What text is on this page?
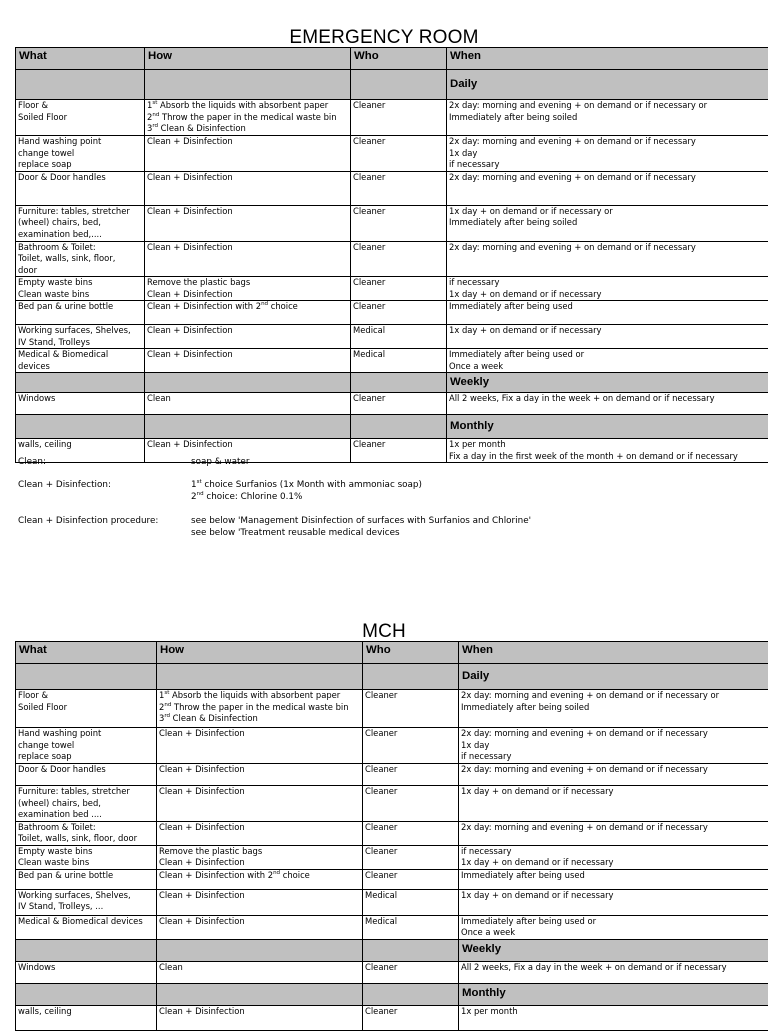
EMERGENCY ROOM
What	How	Who	When
			Daily

Floor &
Soiled Floor	1st Absorb the liquids with absorbent paper
2nd Throw the paper in the medical waste bin
3rd Clean & Disinfection	Cleaner	2x day: morning and evening + on demand or if necessary or
Immediately after being soiled

Hand washing point
change towel
replace soap	Clean + Disinfection	Cleaner	2x day: morning and evening + on demand or if necessary
1x day
if necessary

Door & Door handles	Clean + Disinfection	Cleaner	2x day: morning and evening + on demand or if necessary

Furniture: tables, stretcher
(wheel) chairs, bed,
examination bed,....	Clean + Disinfection	Cleaner	1x day + on demand or if necessary or
Immediately after being soiled

Bathroom & Toilet:
Toilet, walls, sink, floor,
door	Clean + Disinfection	Cleaner	2x day: morning and evening + on demand or if necessary

Empty waste bins
Clean waste bins	Remove the plastic bags
Clean + Disinfection	Cleaner	if necessary
1x day + on demand or if necessary

Bed pan & urine bottle	Clean + Disinfection with 2nd choice	Cleaner	Immediately after being used

Working surfaces, Shelves,
IV Stand, Trolleys	Clean + Disinfection	Medical	1x day + on demand or if necessary

Medical & Biomedical
devices	Clean + Disinfection	Medical	Immediately after being used or
Once a week

			Weekly

Windows	Clean	Cleaner	All 2 weeks, Fix a day in the week + on demand or if necessary

			Monthly

walls, ceiling	Clean + Disinfection	Cleaner	1x per month
Fix a day in the first week of the month + on demand or if necessary
Clean:	soap & water
Clean + Disinfection:	1st choice Surfanios (1x Month with ammoniac soap)
2nd choice: Chlorine 0.1%
Clean + Disinfection procedure:	see below 'Management Disinfection of surfaces with Surfanios and Chlorine'
see below 'Treatment reusable medical devices
MCH
What	How	Who	When
			Daily

Floor &
Soiled Floor	1st Absorb the liquids with absorbent paper
2nd Throw the paper in the medical waste bin
3rd Clean & Disinfection	Cleaner	2x day: morning and evening + on demand or if necessary or
Immediately after being soiled

Hand washing point
change towel
replace soap	Clean + Disinfection	Cleaner	2x day: morning and evening + on demand or if necessary
1x day
if necessary

Door & Door handles	Clean + Disinfection	Cleaner	2x day: morning and evening + on demand or if necessary

Furniture: tables, stretcher
(wheel) chairs, bed,
examination bed ....	Clean + Disinfection	Cleaner	1x day + on demand or if necessary

Bathroom & Toilet:
Toilet, walls, sink, floor, door	Clean + Disinfection	Cleaner	2x day: morning and evening + on demand or if necessary

Empty waste bins
Clean waste bins	Remove the plastic bags
Clean + Disinfection	Cleaner	if necessary
1x day + on demand or if necessary

Bed pan & urine bottle	Clean + Disinfection with 2nd choice	Cleaner	Immediately after being used

Working surfaces, Shelves,
IV Stand, Trolleys, ...	Clean + Disinfection	Medical	1x day + on demand or if necessary

Medical & Biomedical devices	Clean + Disinfection	Medical	Immediately after being used or
Once a week

			Weekly

Windows	Clean	Cleaner	All 2 weeks, Fix a day in the week + on demand or if necessary

			Monthly

walls, ceiling	Clean + Disinfection	Cleaner	1x per month
